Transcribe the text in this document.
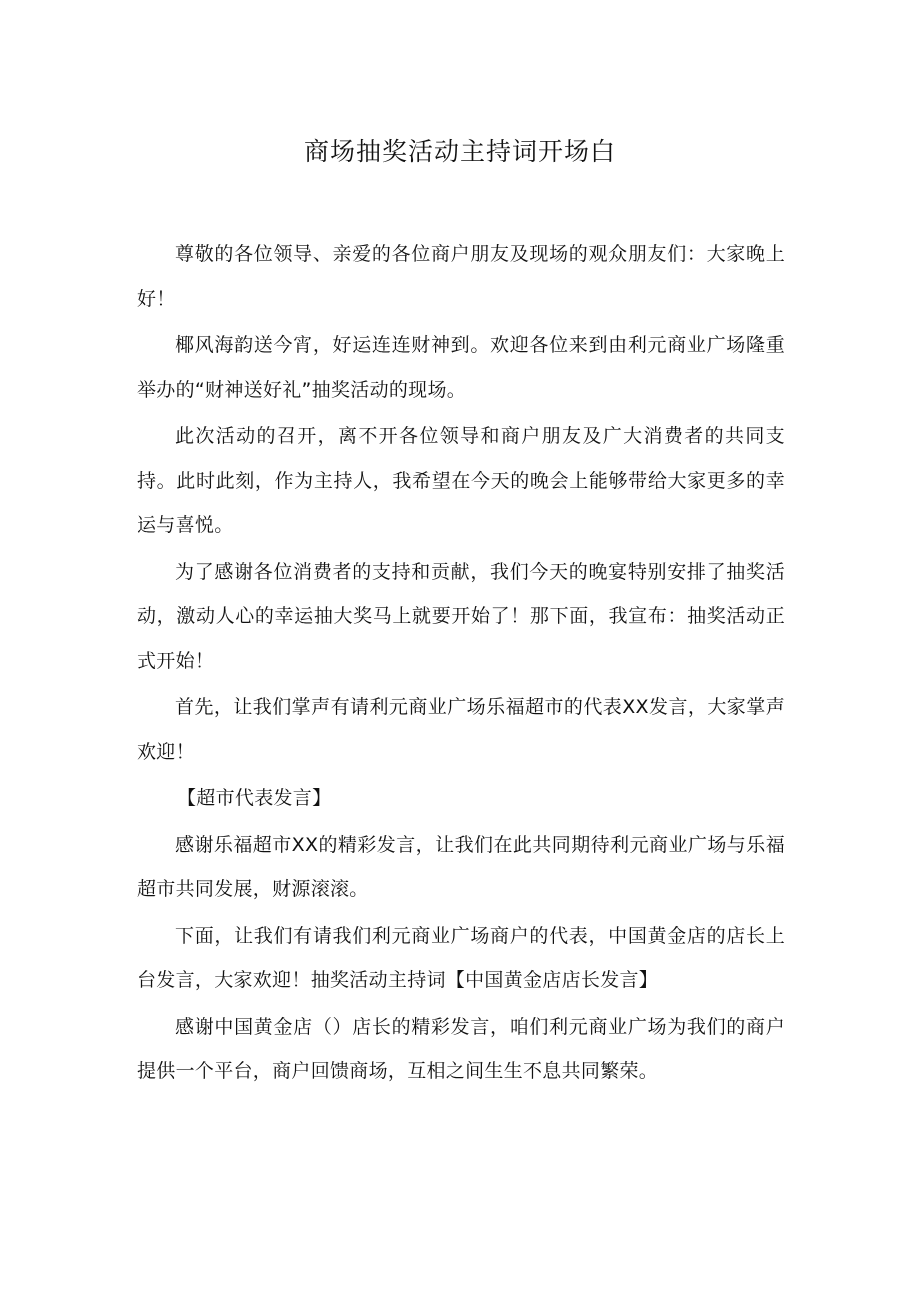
商场抽奖活动主持词开场白

尊敬的各位领导、亲爱的各位商户朋友及现场的观众朋友们：大家晚上好！

椰风海韵送今宵，好运连连财神到。欢迎各位来到由利元商业广场隆重举办的“财神送好礼”抽奖活动的现场。

此次活动的召开，离不开各位领导和商户朋友及广大消费者的共同支持。此时此刻，作为主持人，我希望在今天的晚会上能够带给大家更多的幸运与喜悦。

为了感谢各位消费者的支持和贡献，我们今天的晚宴特别安排了抽奖活动，激动人心的幸运抽大奖马上就要开始了！那下面，我宣布：抽奖活动正式开始！

首先，让我们掌声有请利元商业广场乐福超市的代表XX发言，大家掌声欢迎！

【超市代表发言】

感谢乐福超市XX的精彩发言，让我们在此共同期待利元商业广场与乐福超市共同发展，财源滚滚。

下面，让我们有请我们利元商业广场商户的代表，中国黄金店的店长上台发言，大家欢迎！抽奖活动主持词【中国黄金店店长发言】

感谢中国黄金店（）店长的精彩发言，咱们利元商业广场为我们的商户提供一个平台，商户回馈商场，互相之间生生不息共同繁荣。
